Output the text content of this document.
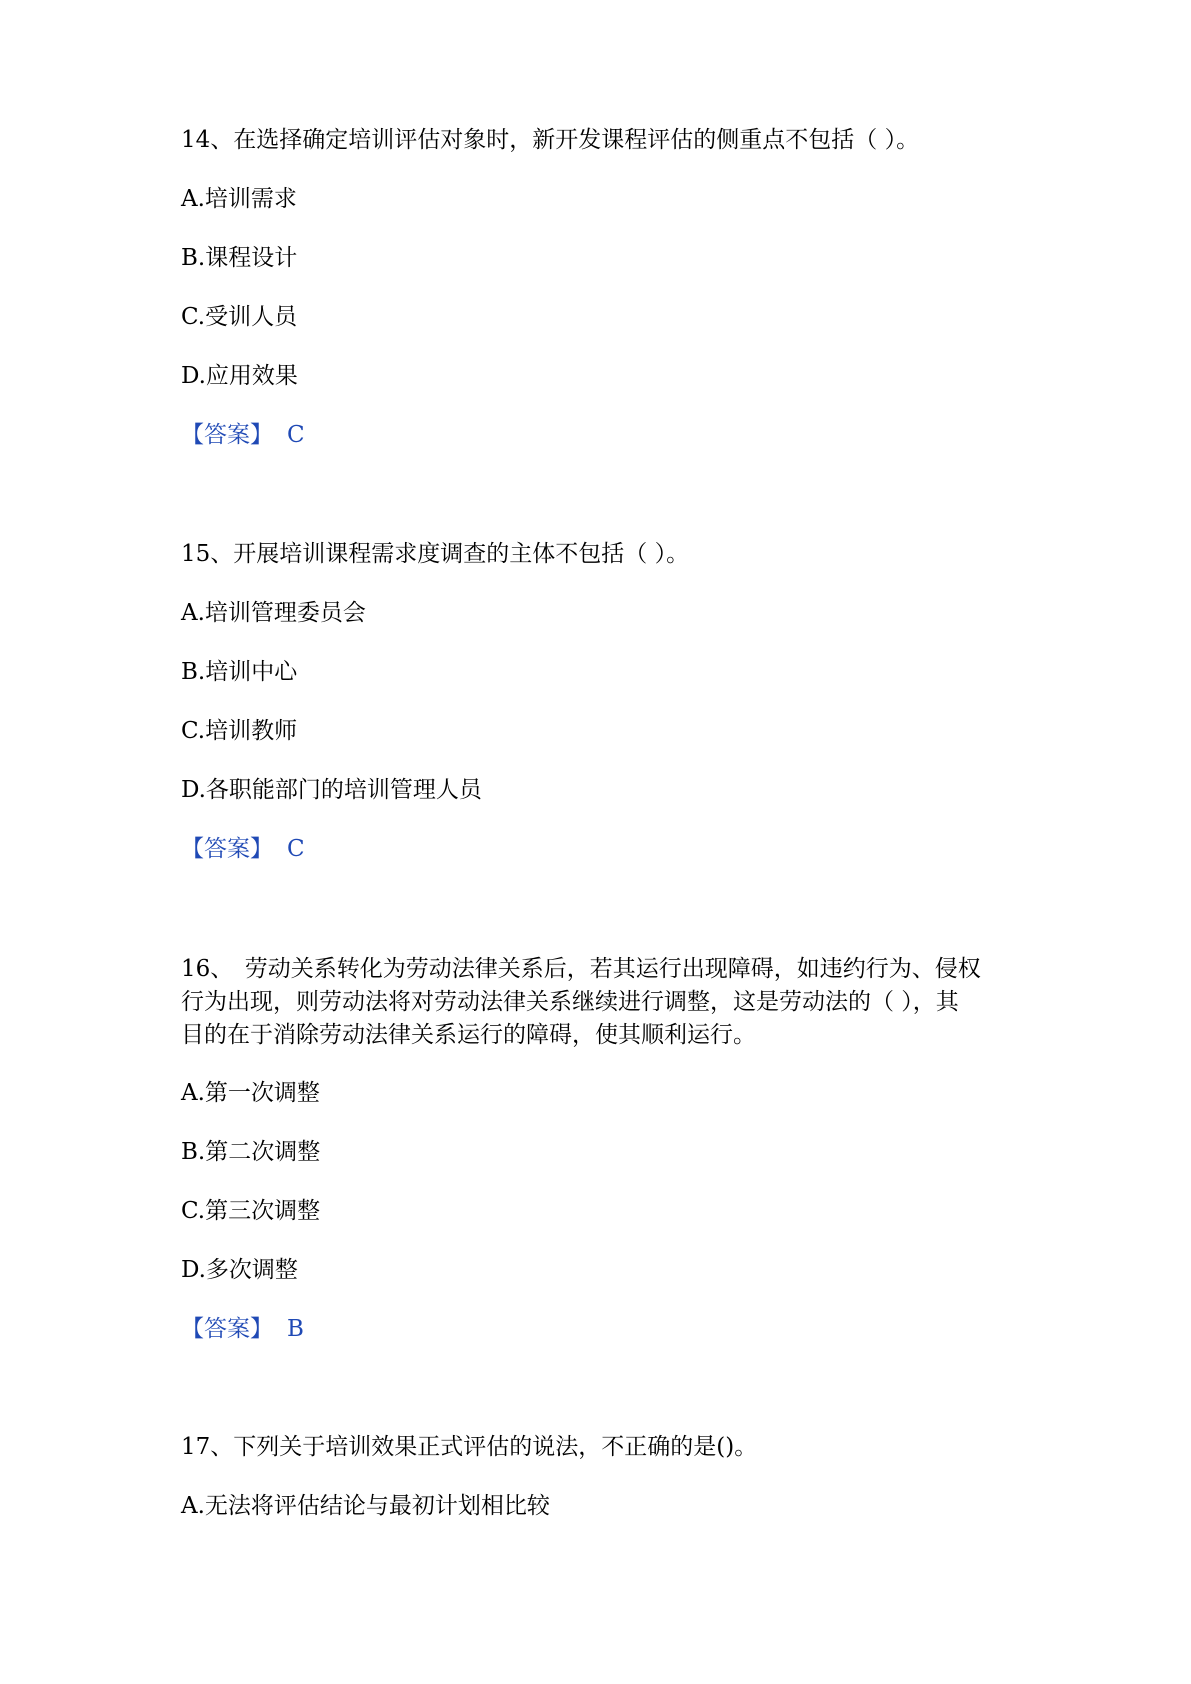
14、在选择确定培训评估对象时，新开发课程评估的侧重点不包括（ ）。
A.培训需求
B.课程设计
C.受训人员
D.应用效果
【答案】 C
15、开展培训课程需求度调查的主体不包括（ ）。
A.培训管理委员会
B.培训中心
C.培训教师
D.各职能部门的培训管理人员
【答案】 C
16、　劳动关系转化为劳动法律关系后，若其运行出现障碍，如违约行为、侵权
行为出现，则劳动法将对劳动法律关系继续进行调整，这是劳动法的（ ），其
目的在于消除劳动法律关系运行的障碍，使其顺利运行。
A.第一次调整
B.第二次调整
C.第三次调整
D.多次调整
【答案】 B
17、下列关于培训效果正式评估的说法，不正确的是()。
A.无法将评估结论与最初计划相比较
